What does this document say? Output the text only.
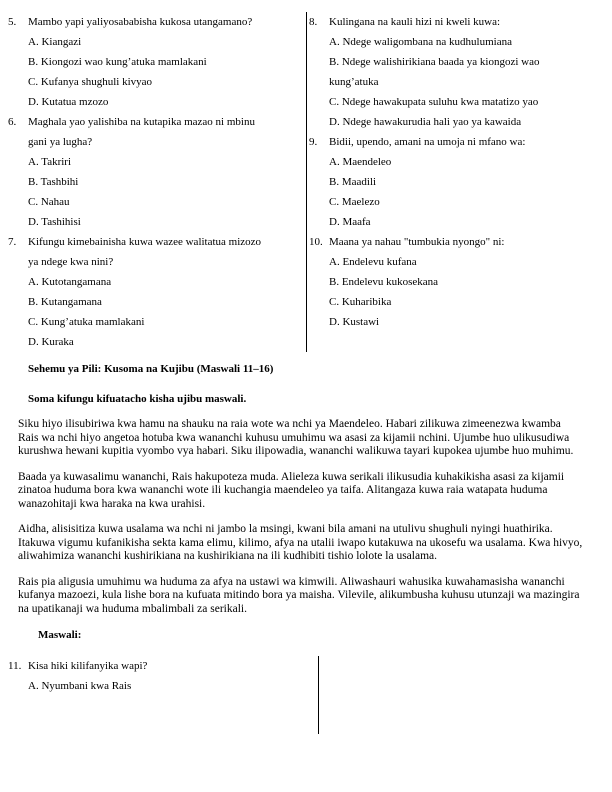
5. Mambo yapi yaliyosababisha kukosa utangamano?
A. Kiangazi
B. Kiongozi wao kung’atuka mamlakani
C. Kufanya shughuli kivyao
D. Kutatua mzozo
6. Maghala yao yalishiba na kutapika mazao ni mbinu gani ya lugha?
A. Takriri
B. Tashbihi
C. Nahau
D. Tashihisi
7. Kifungu kimebainisha kuwa wazee walitatua mizozo ya ndege kwa nini?
A. Kutotangamana
B. Kutangamana
C. Kung’atuka mamlakani
D. Kuraka
8. Kulingana na kauli hizi ni kweli kuwa:
A. Ndege waligombana na kudhulumiana
B. Ndege walishirikiana baada ya kiongozi wao kung’atuka
C. Ndege hawakupata suluhu kwa matatizo yao
D. Ndege hawakurudia hali yao ya kawaida
9. Bidii, upendo, amani na umoja ni mfano wa:
A. Maendeleo
B. Maadili
C. Maelezo
D. Maafa
10. Maana ya nahau "tumbukia nyongo" ni:
A. Endelevu kufana
B. Endelevu kukosekana
C. Kuharibika
D. Kustawi
Sehemu ya Pili: Kusoma na Kujibu (Maswali 11–16)
Soma kifungu kifuatacho kisha ujibu maswali.

Siku hiyo ilisubiriwa kwa hamu na shauku na raia wote wa nchi ya Maendeleo. Habari zilikuwa zimeenezwa kwamba Rais wa nchi hiyo angetoa hotuba kwa wananchi kuhusu umuhimu wa asasi za kijamii nchini. Ujumbe huo ulikusudiwa kurushwa hewani kupitia vyombo vya habari. Siku ilipowadia, wananchi walikuwa tayari kupokea ujumbe huo muhimu.

Baada ya kuwasalimu wananchi, Rais hakupoteza muda. Alieleza kuwa serikali ilikusudia kuhakikisha asasi za kijamii zinatoa huduma bora kwa wananchi wote ili kuchangia maendeleo ya taifa. Alitangaza kuwa raia watapata huduma wanazohitaji kwa haraka na kwa urahisi.

Aidha, alisisitiza kuwa usalama wa nchi ni jambo la msingi, kwani bila amani na utulivu shughuli nyingi huathirika. Itakuwa vigumu kufanikisha sekta kama elimu, kilimo, afya na utalii iwapo kutakuwa na ukosefu wa usalama. Kwa hivyo, aliwahimiza wananchi kushirikiana na kushirikiana na ili kudhibiti tishio lolote la usalama.

Rais pia aligusia umuhimu wa huduma za afya na ustawi wa kimwili. Aliwashauri wahusika kuwahamasisha wananchi kufanya mazoezi, kula lishe bora na kufuata mitindo bora ya maisha. Vilevile, alikumbusha kuhusu utunzaji wa mazingira na upatikanaji wa huduma mbalimbali za serikali.

Maswali:
11. Kisa hiki kilifanyika wapi?
A. Nyumbani kwa Rais
